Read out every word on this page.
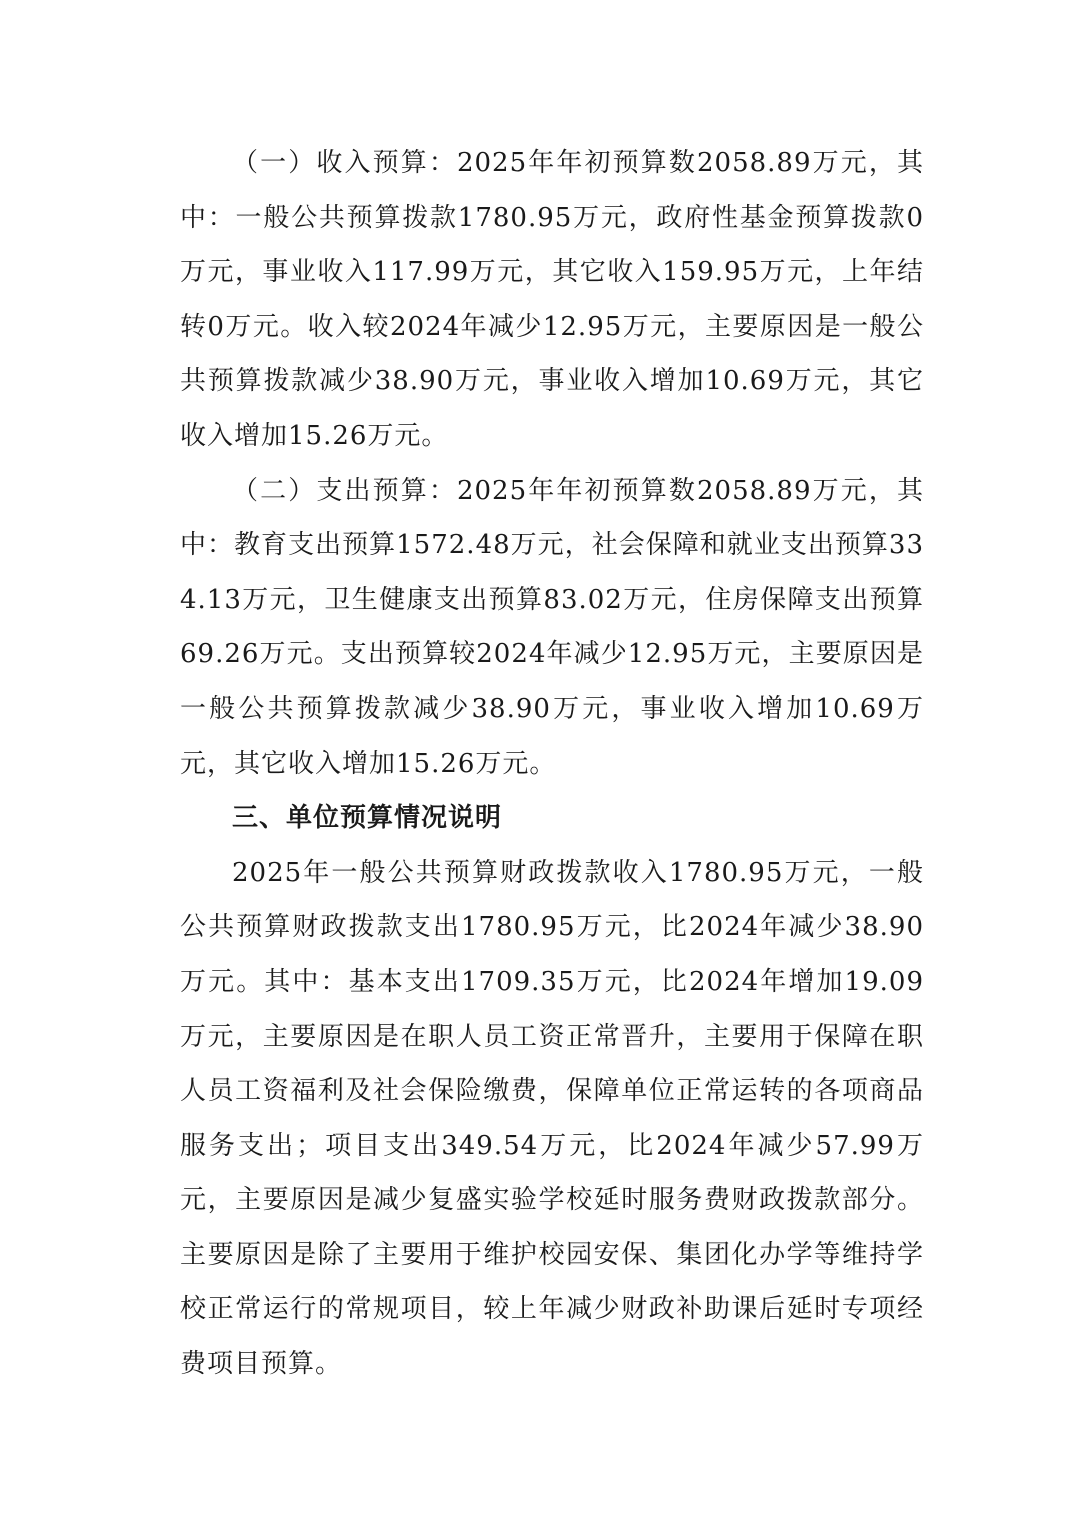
（一）收入预算：2025年年初预算数2058.89万元，其中：一般公共预算拨款1780.95万元，政府性基金预算拨款0万元，事业收入117.99万元，其它收入159.95万元，上年结转0万元。收入较2024年减少12.95万元，主要原因是一般公共预算拨款减少38.90万元，事业收入增加10.69万元，其它收入增加15.26万元。

（二）支出预算：2025年年初预算数2058.89万元，其中：教育支出预算1572.48万元，社会保障和就业支出预算334.13万元，卫生健康支出预算83.02万元，住房保障支出预算69.26万元。支出预算较2024年减少12.95万元，主要原因是一般公共预算拨款减少38.90万元，事业收入增加10.69万元，其它收入增加15.26万元。

三、单位预算情况说明

2025年一般公共预算财政拨款收入1780.95万元，一般公共预算财政拨款支出1780.95万元，比2024年减少38.90万元。其中：基本支出1709.35万元，比2024年增加19.09万元，主要原因是在职人员工资正常晋升，主要用于保障在职人员工资福利及社会保险缴费，保障单位正常运转的各项商品服务支出；项目支出349.54万元，比2024年减少57.99万元，主要原因是减少复盛实验学校延时服务费财政拨款部分。主要原因是除了主要用于维护校园安保、集团化办学等维持学校正常运行的常规项目，较上年减少财政补助课后延时专项经费项目预算。
